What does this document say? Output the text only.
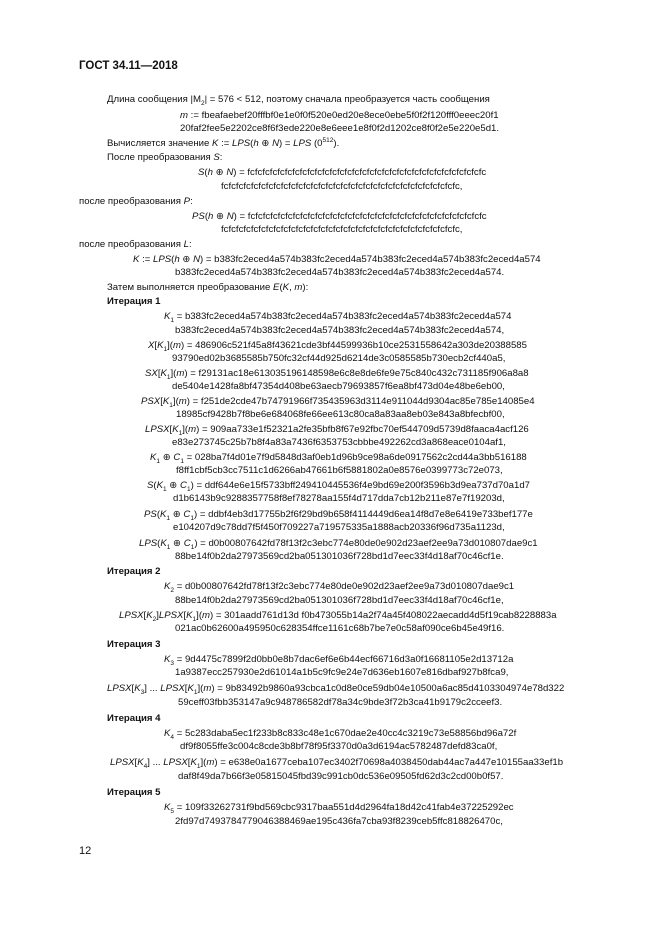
ГОСТ 34.11—2018
Длина сообщения $|M_2| = 576 < 512$, поэтому сначала преобразуется часть сообщения
m := fbeafaebef20fffbf0e1e0f0f520e0ed20e8ece0ebe5f0f2f120fff0eeec20f1
20faf2fee5e2202ce8f6f3ede220e8e6eee1e8f0f2d1202ce8f0f2e5e220e5d1.
Вычисляется значение K := LPS(h ⊕ N) = LPS $(0^{512})$.
После преобразования S:
S(h ⊕ N) = fcfcfcfcfcfcfcfcfcfcfcfcfcfcfcfcfcfcfcfcfcfcfcfcfcfcfcfcfcfcfcfc
fcfcfcfcfcfcfcfcfcfcfcfcfcfcfcfcfcfcfcfcfcfcfcfcfcfcfcfcfcfcfcfc,
после преобразования P:
PS(h ⊕ N) = fcfcfcfcfcfcfcfcfcfcfcfcfcfcfcfcfcfcfcfcfcfcfcfcfcfcfcfcfcfcfcfc
fcfcfcfcfcfcfcfcfcfcfcfcfcfcfcfcfcfcfcfcfcfcfcfcfcfcfcfcfcfcfcfc,
после преобразования L:
K := LPS(h ⊕ N) = b383fc2eced4a574b383fc2eced4a574b383fc2eced4a574b383fc2eced4a574
b383fc2eced4a574b383fc2eced4a574b383fc2eced4a574b383fc2eced4a574.
Затем выполняется преобразование E(K, m):
Итерация 1
$K_1$ = b383fc2eced4a574b383fc2eced4a574b383fc2eced4a574b383fc2eced4a574
b383fc2eced4a574b383fc2eced4a574b383fc2eced4a574b383fc2eced4a574,
$X[K_1](m) = 486906c521f45a8f43621cde3bf44599936b10ce2531558642a303de20388585$
93790ed02b3685585b750fc32cf44d925d6214de3c0585585b730ecb2cf440a5,
$SX[K_1](m) = f29131ac18e613035196148598e6c8e8de6fe9e75c840c432c731185f906a8a8$
de5404e1428fa8bf47354d408be63aecb79693857f6ea8bf473d04e48be6eb00,
$PSX[K_1](m) = f251de2cde47b74791966f735435963d3114e911044d9304ac85e785e14085e4$
18985cf9428b7f8be6e684068fe66ee613c80ca8a83aa8eb03e843a8bfecbf00,
$LPSX[K_1](m)$ = 909aa733e1f52321a2fe35bfb8f67e92fbc70ef544709d5739d8faaca4acf126
e83e273745c25b7b8f4a83a7436f6353753cbbbe492262cd3a868eace0104af1,
$K_1$ ⊕ $C_1 = 028ba7f4d01e7f9d5848d3af0eb1d96b9ce98a6de0917562c2cd44a3bb516188$
f8ff1cbf5cb3cc7511c1d6266ab47661b6f5881802a0e8576e0399773c72e073,
$S(K_1$ ⊕ $C_1) = ddf644e6e15f5733bff249410445536f4e9bd69e200f3596b3d9ea737d70a1d7$
d1b6143b9c9288357758f8ef78278aa155f4d717dda7cb12b211e87e7f19203d,
$PS(K_1$ ⊕ $C_1$) = ddbf4eb3d17755b2f6f29bd9b658f4114449d6ea14f8d7e8e6419e733bef177e
e104207d9c78dd7f5f450f709227a719575335a1888acb20336f96d735a1123d,
$LPS(K_1$ ⊕ $C_1) = d0b00807642fd78f13f2c3ebc774e80de0e902d23aef2ee9a73d010807dae9c1$
88be14f0b2da27973569cd2ba051301036f728bd1d7eec33f4d18af70c46cf1e.
Итерация 2
$K_2 = d0b00807642fd78f13f2c3ebc774e80de0e902d23aef2ee9a73d010807dae9c1$
88be14f0b2da27973569cd2ba051301036f728bd1d7eec33f4d18af70c46cf1e,
$LPSX[K_2]LPSX[K_1](m)$ = 301aadd761d13d f0b473055b14a2f74a45f408022aecadd4d5f19cab8228883a
021ac0b62600a495950c628354ffce1161c68b7be7e0c58af090ce6b45e49f16.
Итерация 3
$K_3 = 9d4475c7899f2d0bb0e8b7dac6ef6e6b44ecf66716d3a0f16681105e2d13712a$
1a9387ecc257930e2d61014a1b5c9fc9e24e7d636eb1607e816dbaf927b8fca9,
$LPSX[K_3]$ ... $LPSX[K_1](m)$ = 9b83492b9860a93cbca1c0d8e0ce59db04e10500a6ac85d4103304974e78d322
59ceff03fbb353147a9c948786582df78a34c9bde3f72b3ca41b9179c2cceef3.
Итерация 4
$K_4$ = 5c283daba5ec1f233b8c833c48e1c670dae2e40cc4c3219c73e58856bd96a72f
df9f8055ffe3c004c8cde3b8bf78f95f3370d0a3d6194ac5782487defd83ca0f,
$LPSX[K_4]$ ... $LPSX[K_1](m)$ = e638e0a1677ceba107ec3402f70698a4038450dab44ac7a447e10155aa33ef1b
daf8f49da7b66f3e05815045fbd39c991cb0dc536e09505fd62d3c2cd00b0f57.
Итерация 5
$K_5 = 109f33262731f9bd569cbc9317baa551d4d2964fa18d42c41fab4e37225292ec$
2fd97d7493784779046388469ae195c436fa7cba93f8239ceb5ffc818826470c,
12
